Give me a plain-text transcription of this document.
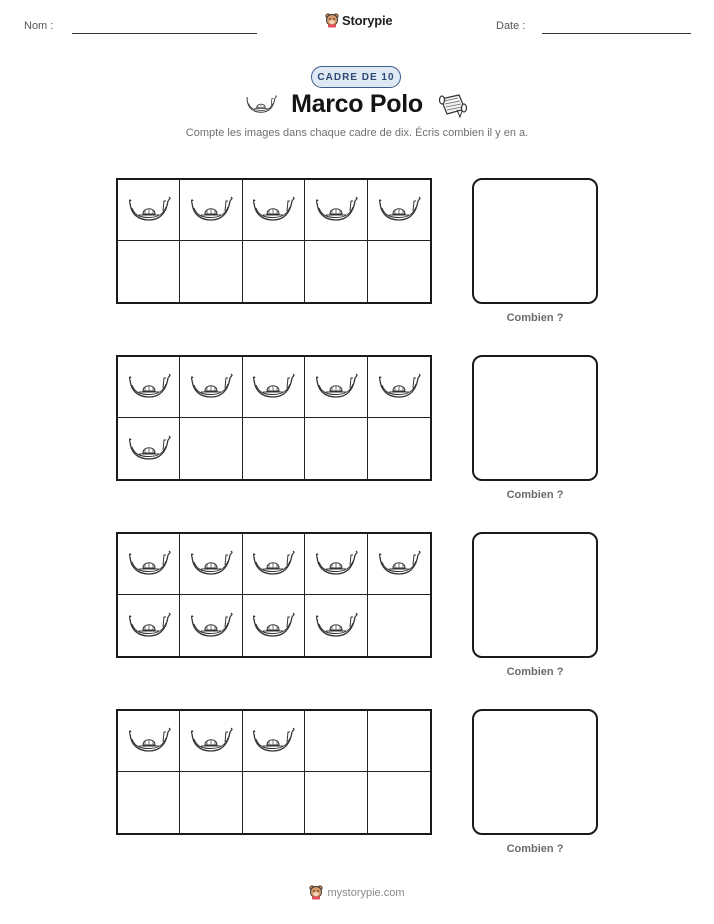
Nom :	Storypie	Date :
CADRE DE 10
Marco Polo
Compte les images dans chaque cadre de dix. Écris combien il y en a.
Combien ?
Combien ?
Combien ?
Combien ?
mystorypie.com
